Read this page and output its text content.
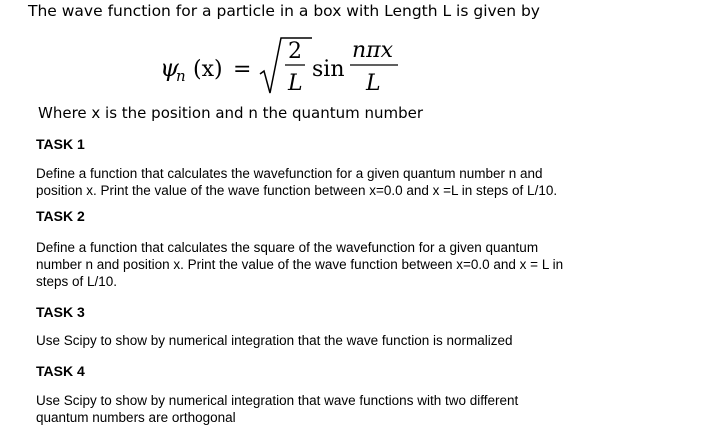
The wave function for a particle in a box with Length L is given by
ψ
n (x) =
2
L
sin
nπx
L
Where x is the position and n the quantum number
TASK 1
Define a function that calculates the wavefunction for a given quantum number n and
position x. Print the value of the wave function between x=0.0 and x =L in steps of L/10.
TASK 2
Define a function that calculates the square of the wavefunction for a given quantum
number n and position x. Print the value of the wave function between x=0.0 and x = L in
steps of L/10.
TASK 3
Use Scipy to show by numerical integration that the wave function is normalized
TASK 4
Use Scipy to show by numerical integration that wave functions with two different
quantum numbers are orthogonal
